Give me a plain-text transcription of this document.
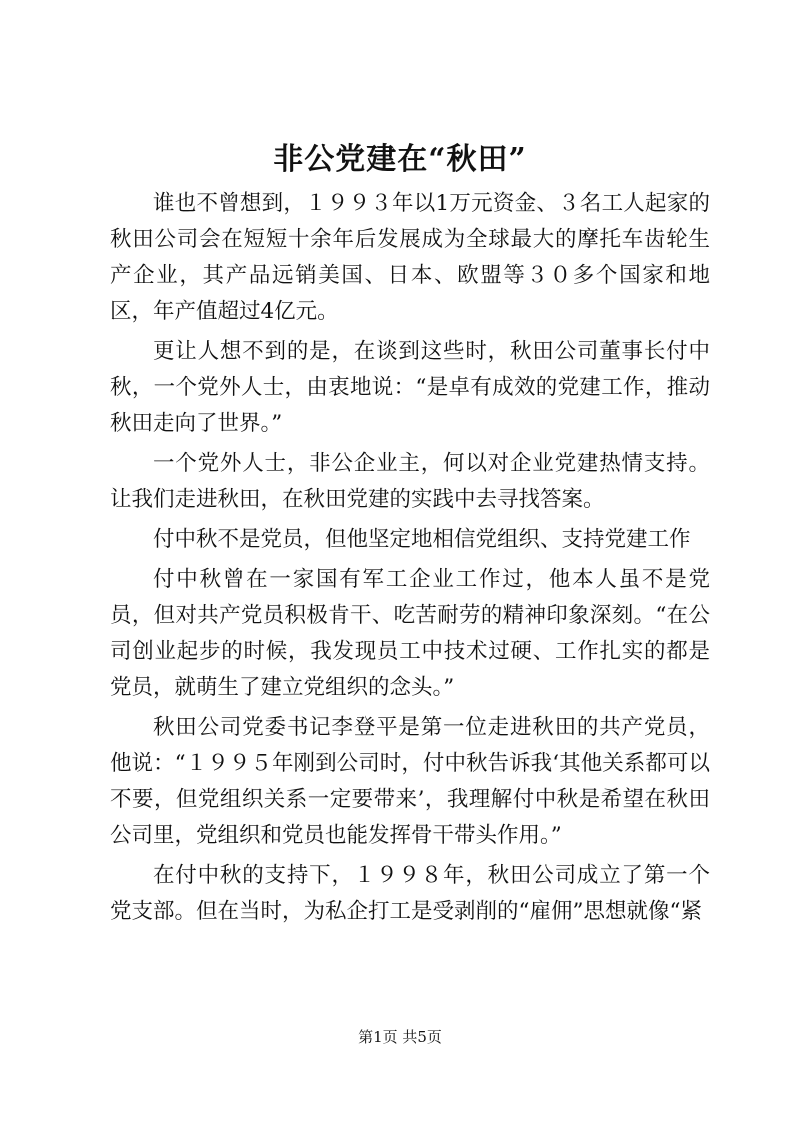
非公党建在“秋田”

谁也不曾想到，１９９３年以1万元资金、３名工人起家的秋田公司会在短短十余年后发展成为全球最大的摩托车齿轮生产企业，其产品远销美国、日本、欧盟等３０多个国家和地区，年产值超过4亿元。

更让人想不到的是，在谈到这些时，秋田公司董事长付中秋，一个党外人士，由衷地说：“是卓有成效的党建工作，推动秋田走向了世界。”

一个党外人士，非公企业主，何以对企业党建热情支持。让我们走进秋田，在秋田党建的实践中去寻找答案。

付中秋不是党员，但他坚定地相信党组织、支持党建工作

付中秋曾在一家国有军工企业工作过，他本人虽不是党员，但对共产党员积极肯干、吃苦耐劳的精神印象深刻。“在公司创业起步的时候，我发现员工中技术过硬、工作扎实的都是党员，就萌生了建立党组织的念头。”

秋田公司党委书记李登平是第一位走进秋田的共产党员，他说：“１９９５年刚到公司时，付中秋告诉我‘其他关系都可以不要，但党组织关系一定要带来’，我理解付中秋是希望在秋田公司里，党组织和党员也能发挥骨干带头作用。”

在付中秋的支持下，１９９８年，秋田公司成立了第一个党支部。但在当时，为私企打工是受剥削的“雇佣”思想就像“紧

第1页 共5页
